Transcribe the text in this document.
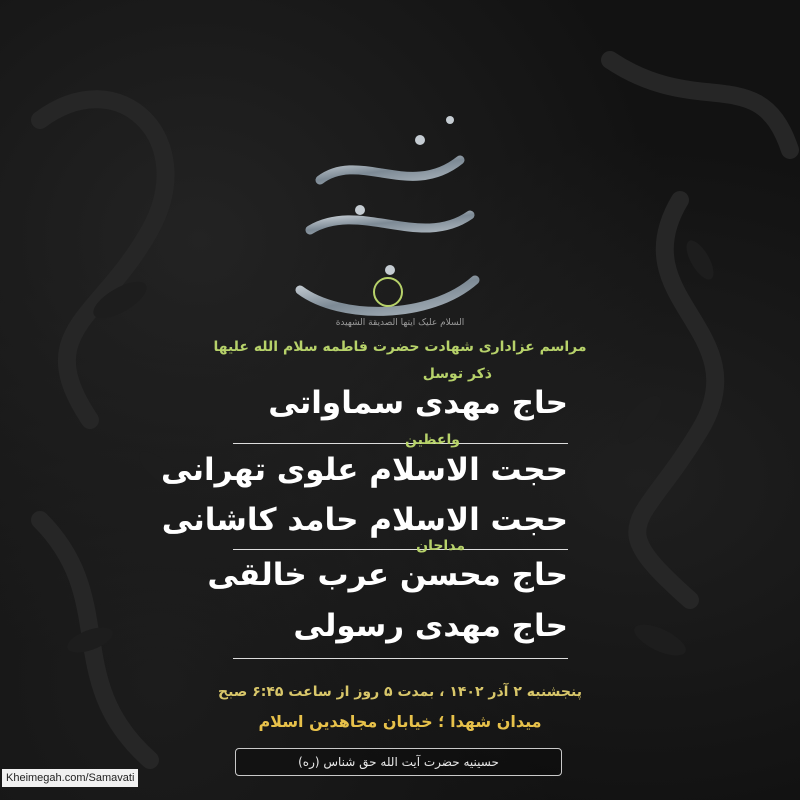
السلام علیک ایتها الصدیقة الشهیدة
مراسم عزاداری شهادت حضرت فاطمه سلام الله علیها
ذکر توسل
حاج مهدی سماواتی
واعظین
حجت الاسلام علوی تهرانی
حجت الاسلام حامد کاشانی
مداحان
حاج محسن عرب خالقی
حاج مهدی رسولی
پنجشنبه ۲ آذر ۱۴۰۲ ، بمدت ۵ روز از ساعت ۶:۴۵ صبح
میدان شهدا ؛ خیابان مجاهدین اسلام
حسینیه حضرت آیت الله حق شناس (ره)
Kheimegah.com/Samavati
